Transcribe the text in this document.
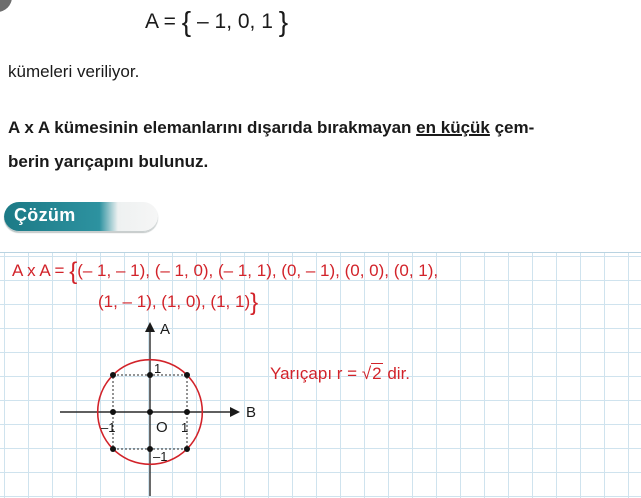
A = { – 1, 0, 1 }
kümeleri veriliyor.
A x A kümesinin elemanlarını dışarıda bırakmayan en küçük çem-
berin yarıçapını bulunuz.
Çözüm
A x A = {(– 1, – 1), (– 1, 0), (– 1, 1), (0, – 1), (0, 0), (0, 1),
(1, – 1), (1, 0), (1, 1)}
A
B
O
1
–1
1
–1
Yarıçapı r = √2 dir.
